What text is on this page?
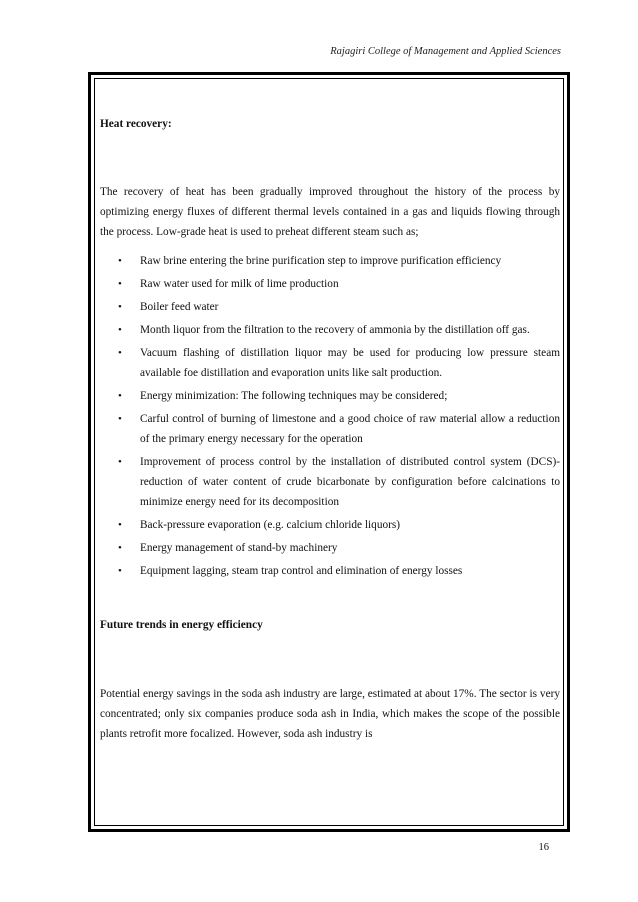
Rajagiri College of Management and Applied Sciences

Heat recovery:

The recovery of heat has been gradually improved throughout the history of the process by optimizing energy fluxes of different thermal levels contained in a gas and liquids flowing through the process. Low-grade heat is used to preheat different steam such as;

• Raw brine entering the brine purification step to improve purification efficiency
• Raw water used for milk of lime production
• Boiler feed water
• Month liquor from the filtration to the recovery of ammonia by the distillation off gas.
• Vacuum flashing of distillation liquor may be used for producing low pressure steam available foe distillation and evaporation units like salt production.
• Energy minimization: The following techniques may be considered;
• Carful control of burning of limestone and a good choice of raw material allow a reduction of the primary energy necessary for the operation
• Improvement of process control by the installation of distributed control system (DCS)-reduction of water content of crude bicarbonate by configuration before calcinations to minimize energy need for its decomposition
• Back-pressure evaporation (e.g. calcium chloride liquors)
• Energy management of stand-by machinery
• Equipment lagging, steam trap control and elimination of energy losses

Future trends in energy efficiency

Potential energy savings in the soda ash industry are large, estimated at about 17%. The sector is very concentrated; only six companies produce soda ash in India, which makes the scope of the possible plants retrofit more focalized. However, soda ash industry is

16
